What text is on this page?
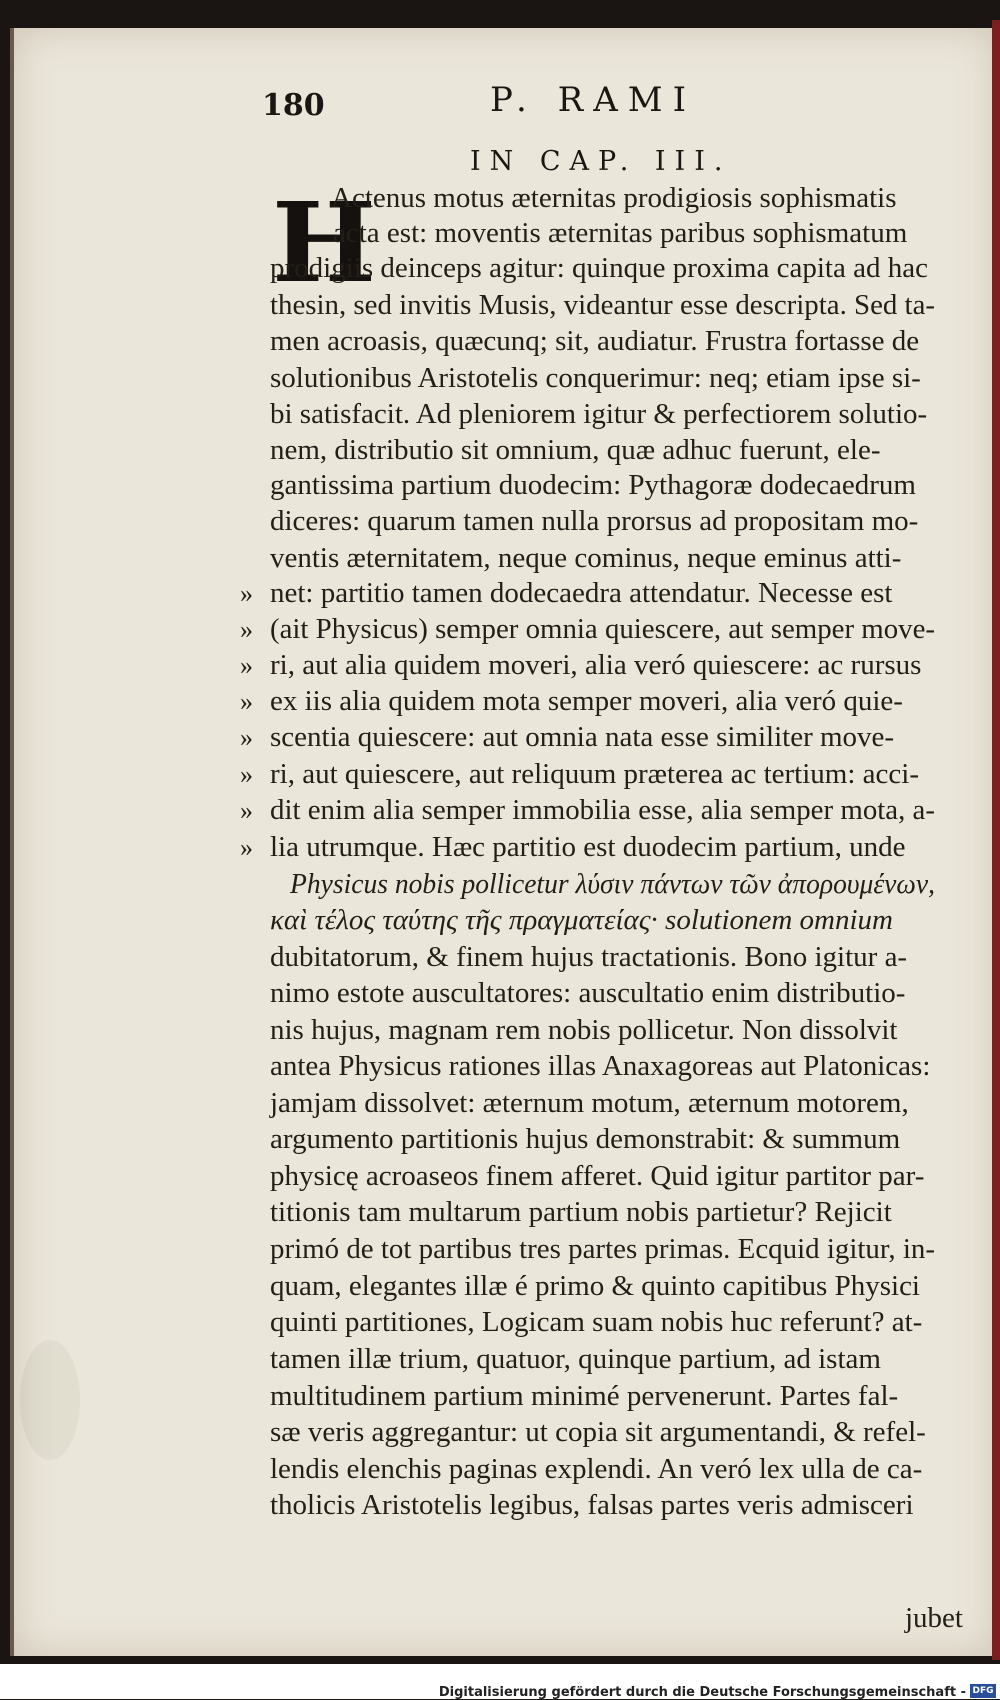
180	P. RAMI
IN CAP. III.
H

Actenus motus æternitas prodigiosis sophismatis

acta est: moventis æternitas paribus sophismatum

prodigiis deinceps agitur: quinque proxima capita ad hac

thesin, sed invitis Musis, videantur esse descripta. Sed ta-

men acroasis, quæcunq; sit, audiatur. Frustra fortasse de

solutionibus Aristotelis conquerimur: neq; etiam ipse si-

bi satisfacit. Ad pleniorem igitur & perfectiorem solutio-

nem, distributio sit omnium, quæ adhuc fuerunt, ele-

gantissima partium duodecim: Pythagoræ dodecaedrum

diceres: quarum tamen nulla prorsus ad propositam mo-

ventis æternitatem, neque cominus, neque eminus atti-

net: partitio tamen dodecaedra attendatur. Necesse est

(ait Physicus) semper omnia quiescere, aut semper move-

ri, aut alia quidem moveri, alia veró quiescere: ac rursus

ex iis alia quidem mota semper moveri, alia veró quie-

scentia quiescere: aut omnia nata esse similiter move-

ri, aut quiescere, aut reliquum præterea ac tertium: acci-

dit enim alia semper immobilia esse, alia semper mota, a-

lia utrumque. Hæc partitio est duodecim partium, unde

Physicus nobis pollicetur λύσιν πάντων τῶν ἀπορουμένων,

καὶ τέλος ταύτης τῆς πραγματείας· solutionem omnium

dubitatorum, & finem hujus tractationis. Bono igitur a-

nimo estote auscultatores: auscultatio enim distributio-

nis hujus, magnam rem nobis pollicetur. Non dissolvit

antea Physicus rationes illas Anaxagoreas aut Platonicas:

jamjam dissolvet: æternum motum, æternum motorem,

argumento partitionis hujus demonstrabit: & summum

physicę acroaseos finem afferet. Quid igitur partitor par-

titionis tam multarum partium nobis partietur? Rejicit

primó de tot partibus tres partes primas. Ecquid igitur, in-

quam, elegantes illæ é primo & quinto capitibus Physici

quinti partitiones, Logicam suam nobis huc referunt? at-

tamen illæ trium, quatuor, quinque partium, ad istam

multitudinem partium minimé pervenerunt. Partes fal-

sæ veris aggregantur: ut copia sit argumentandi, & refel-

lendis elenchis paginas explendi. An veró lex ulla de ca-

tholicis Aristotelis legibus, falsas partes veris admisceri

»
»
»
»
»
»
»
»

jubet

Digitalisierung gefördert durch die Deutsche Forschungsgemeinschaft - DFG
